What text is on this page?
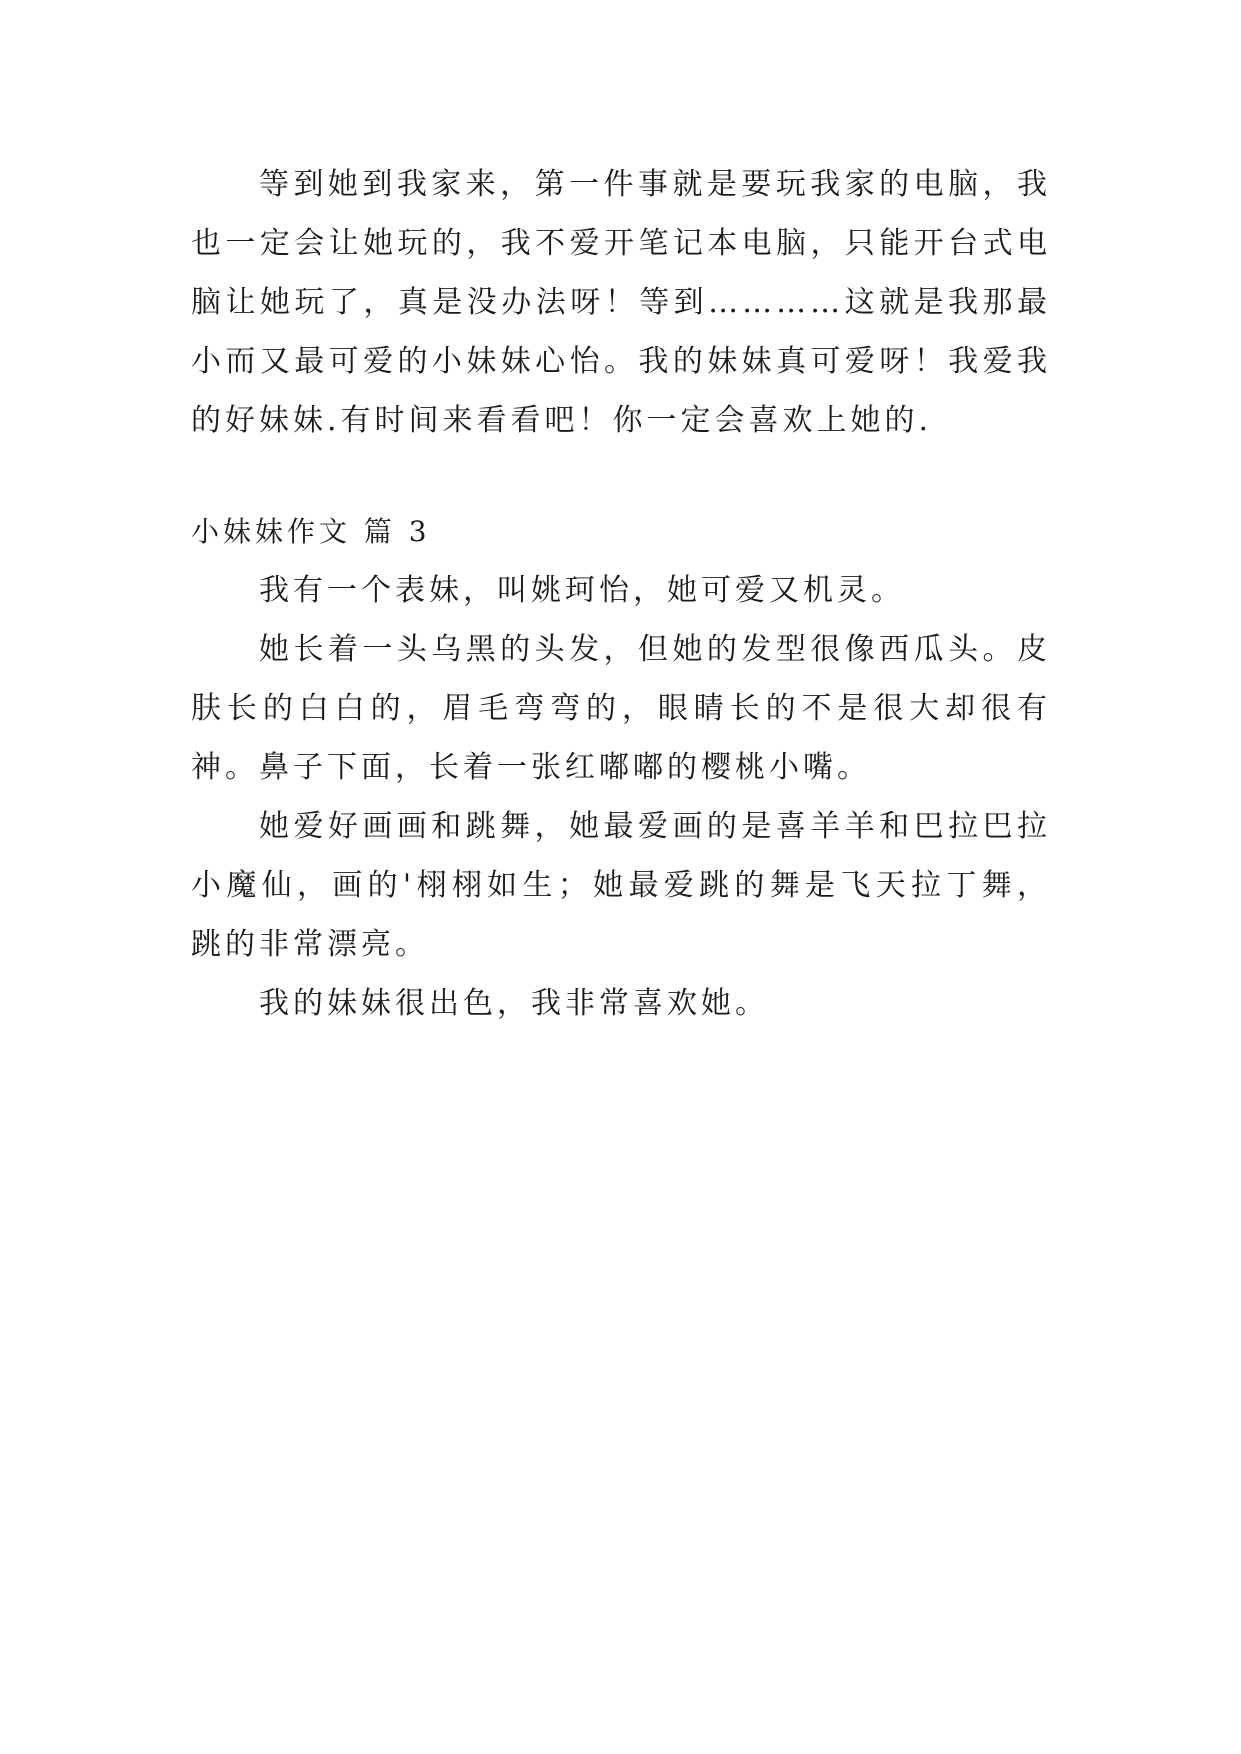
等到她到我家来，第一件事就是要玩我家的电脑，我也一定会让她玩的，我不爱开笔记本电脑，只能开台式电脑让她玩了，真是没办法呀！等到…………这就是我那最小而又最可爱的小妹妹心怡。我的妹妹真可爱呀！我爱我的好妹妹.有时间来看看吧！你一定会喜欢上她的.

小妹妹作文 篇 3

我有一个表妹，叫姚珂怡，她可爱又机灵。

她长着一头乌黑的头发，但她的发型很像西瓜头。皮肤长的白白的，眉毛弯弯的，眼睛长的不是很大却很有神。鼻子下面，长着一张红嘟嘟的樱桃小嘴。

她爱好画画和跳舞，她最爱画的是喜羊羊和巴拉巴拉小魔仙，画的'栩栩如生；她最爱跳的舞是飞天拉丁舞，跳的非常漂亮。

我的妹妹很出色，我非常喜欢她。
